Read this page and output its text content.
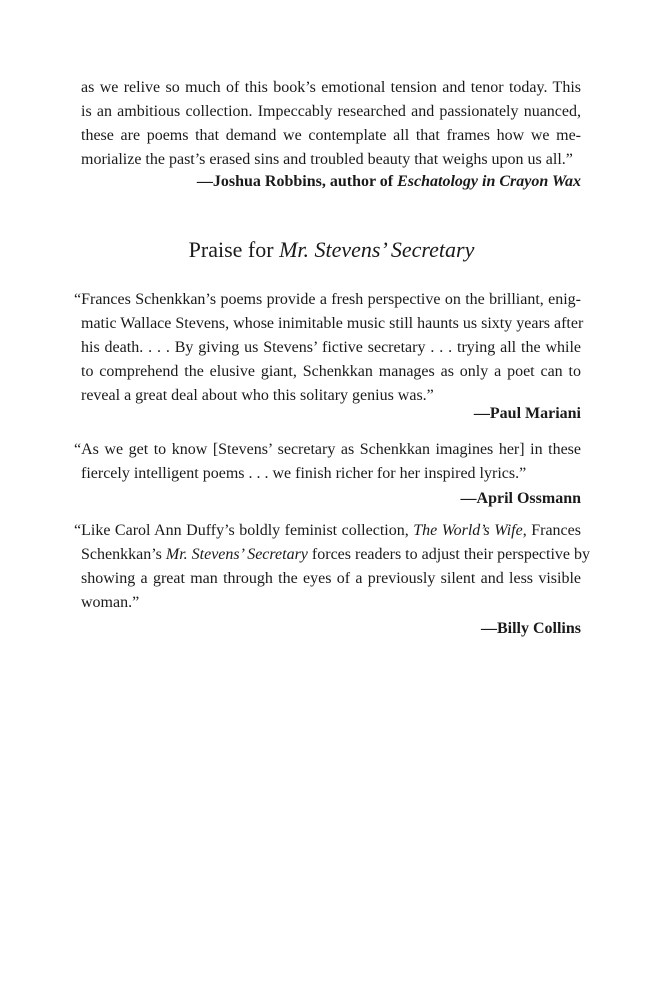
as we relive so much of this book’s emotional tension and tenor today. This
is an ambitious collection. Impeccably researched and passionately nuanced,
these are poems that demand we contemplate all that frames how we me-
morialize the past’s erased sins and troubled beauty that weighs upon us all.”

—Joshua Robbins, author of Eschatology in Crayon Wax

Praise for Mr. Stevens’ Secretary

“Frances Schenkkan’s poems provide a fresh perspective on the brilliant, enig-
matic Wallace Stevens, whose inimitable music still haunts us sixty years after
his death. . . . By giving us Stevens’ fictive secretary . . . trying all the while
to comprehend the elusive giant, Schenkkan manages as only a poet can to
reveal a great deal about who this solitary genius was.”

—Paul Mariani

“As we get to know [Stevens’ secretary as Schenkkan imagines her] in these
fiercely intelligent poems . . . we finish richer for her inspired lyrics.”

—April Ossmann

“Like Carol Ann Duffy’s boldly feminist collection, The World’s Wife, Frances
Schenkkan’s Mr. Stevens’ Secretary forces readers to adjust their perspective by
showing a great man through the eyes of a previously silent and less visible
woman.”

—Billy Collins
